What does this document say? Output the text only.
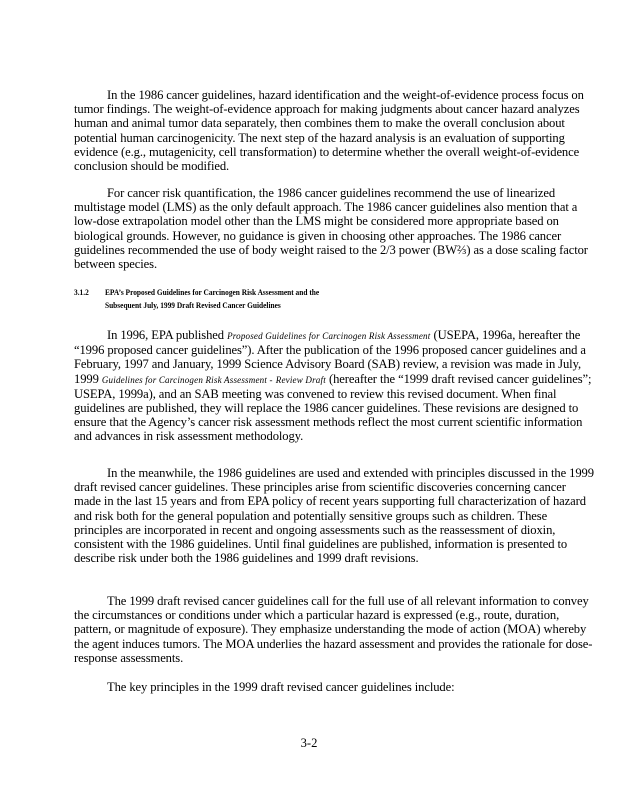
In the 1986 cancer guidelines, hazard identification and the weight-of-evidence process focus on tumor findings. The weight-of-evidence approach for making judgments about cancer hazard analyzes human and animal tumor data separately, then combines them to make the overall conclusion about potential human carcinogenicity. The next step of the hazard analysis is an evaluation of supporting evidence (e.g., mutagenicity, cell transformation) to determine whether the overall weight-of-evidence conclusion should be modified.

For cancer risk quantification, the 1986 cancer guidelines recommend the use of linearized multistage model (LMS) as the only default approach. The 1986 cancer guidelines also mention that a low-dose extrapolation model other than the LMS might be considered more appropriate based on biological grounds. However, no guidance is given in choosing other approaches. The 1986 cancer guidelines recommended the use of body weight raised to the 2/3 power (BW⅔) as a dose scaling factor between species.

3.1.2 EPA’s Proposed Guidelines for Carcinogen Risk Assessment and the
Subsequent July, 1999 Draft Revised Cancer Guidelines

In 1996, EPA published Proposed Guidelines for Carcinogen Risk Assessment (USEPA, 1996a, hereafter the “1996 proposed cancer guidelines”). After the publication of the 1996 proposed cancer guidelines and a February, 1997 and January, 1999 Science Advisory Board (SAB) review, a revision was made in July, 1999 Guidelines for Carcinogen Risk Assessment - Review Draft (hereafter the “1999 draft revised cancer guidelines”; USEPA, 1999a), and an SAB meeting was convened to review this revised document. When final guidelines are published, they will replace the 1986 cancer guidelines. These revisions are designed to ensure that the Agency’s cancer risk assessment methods reflect the most current scientific information and advances in risk assessment methodology.

In the meanwhile, the 1986 guidelines are used and extended with principles discussed in the 1999 draft revised cancer guidelines. These principles arise from scientific discoveries concerning cancer made in the last 15 years and from EPA policy of recent years supporting full characterization of hazard and risk both for the general population and potentially sensitive groups such as children. These principles are incorporated in recent and ongoing assessments such as the reassessment of dioxin, consistent with the 1986 guidelines. Until final guidelines are published, information is presented to describe risk under both the 1986 guidelines and 1999 draft revisions.

The 1999 draft revised cancer guidelines call for the full use of all relevant information to convey the circumstances or conditions under which a particular hazard is expressed (e.g., route, duration, pattern, or magnitude of exposure). They emphasize understanding the mode of action (MOA) whereby the agent induces tumors. The MOA underlies the hazard assessment and provides the rationale for dose-response assessments.

The key principles in the 1999 draft revised cancer guidelines include:

3-2
